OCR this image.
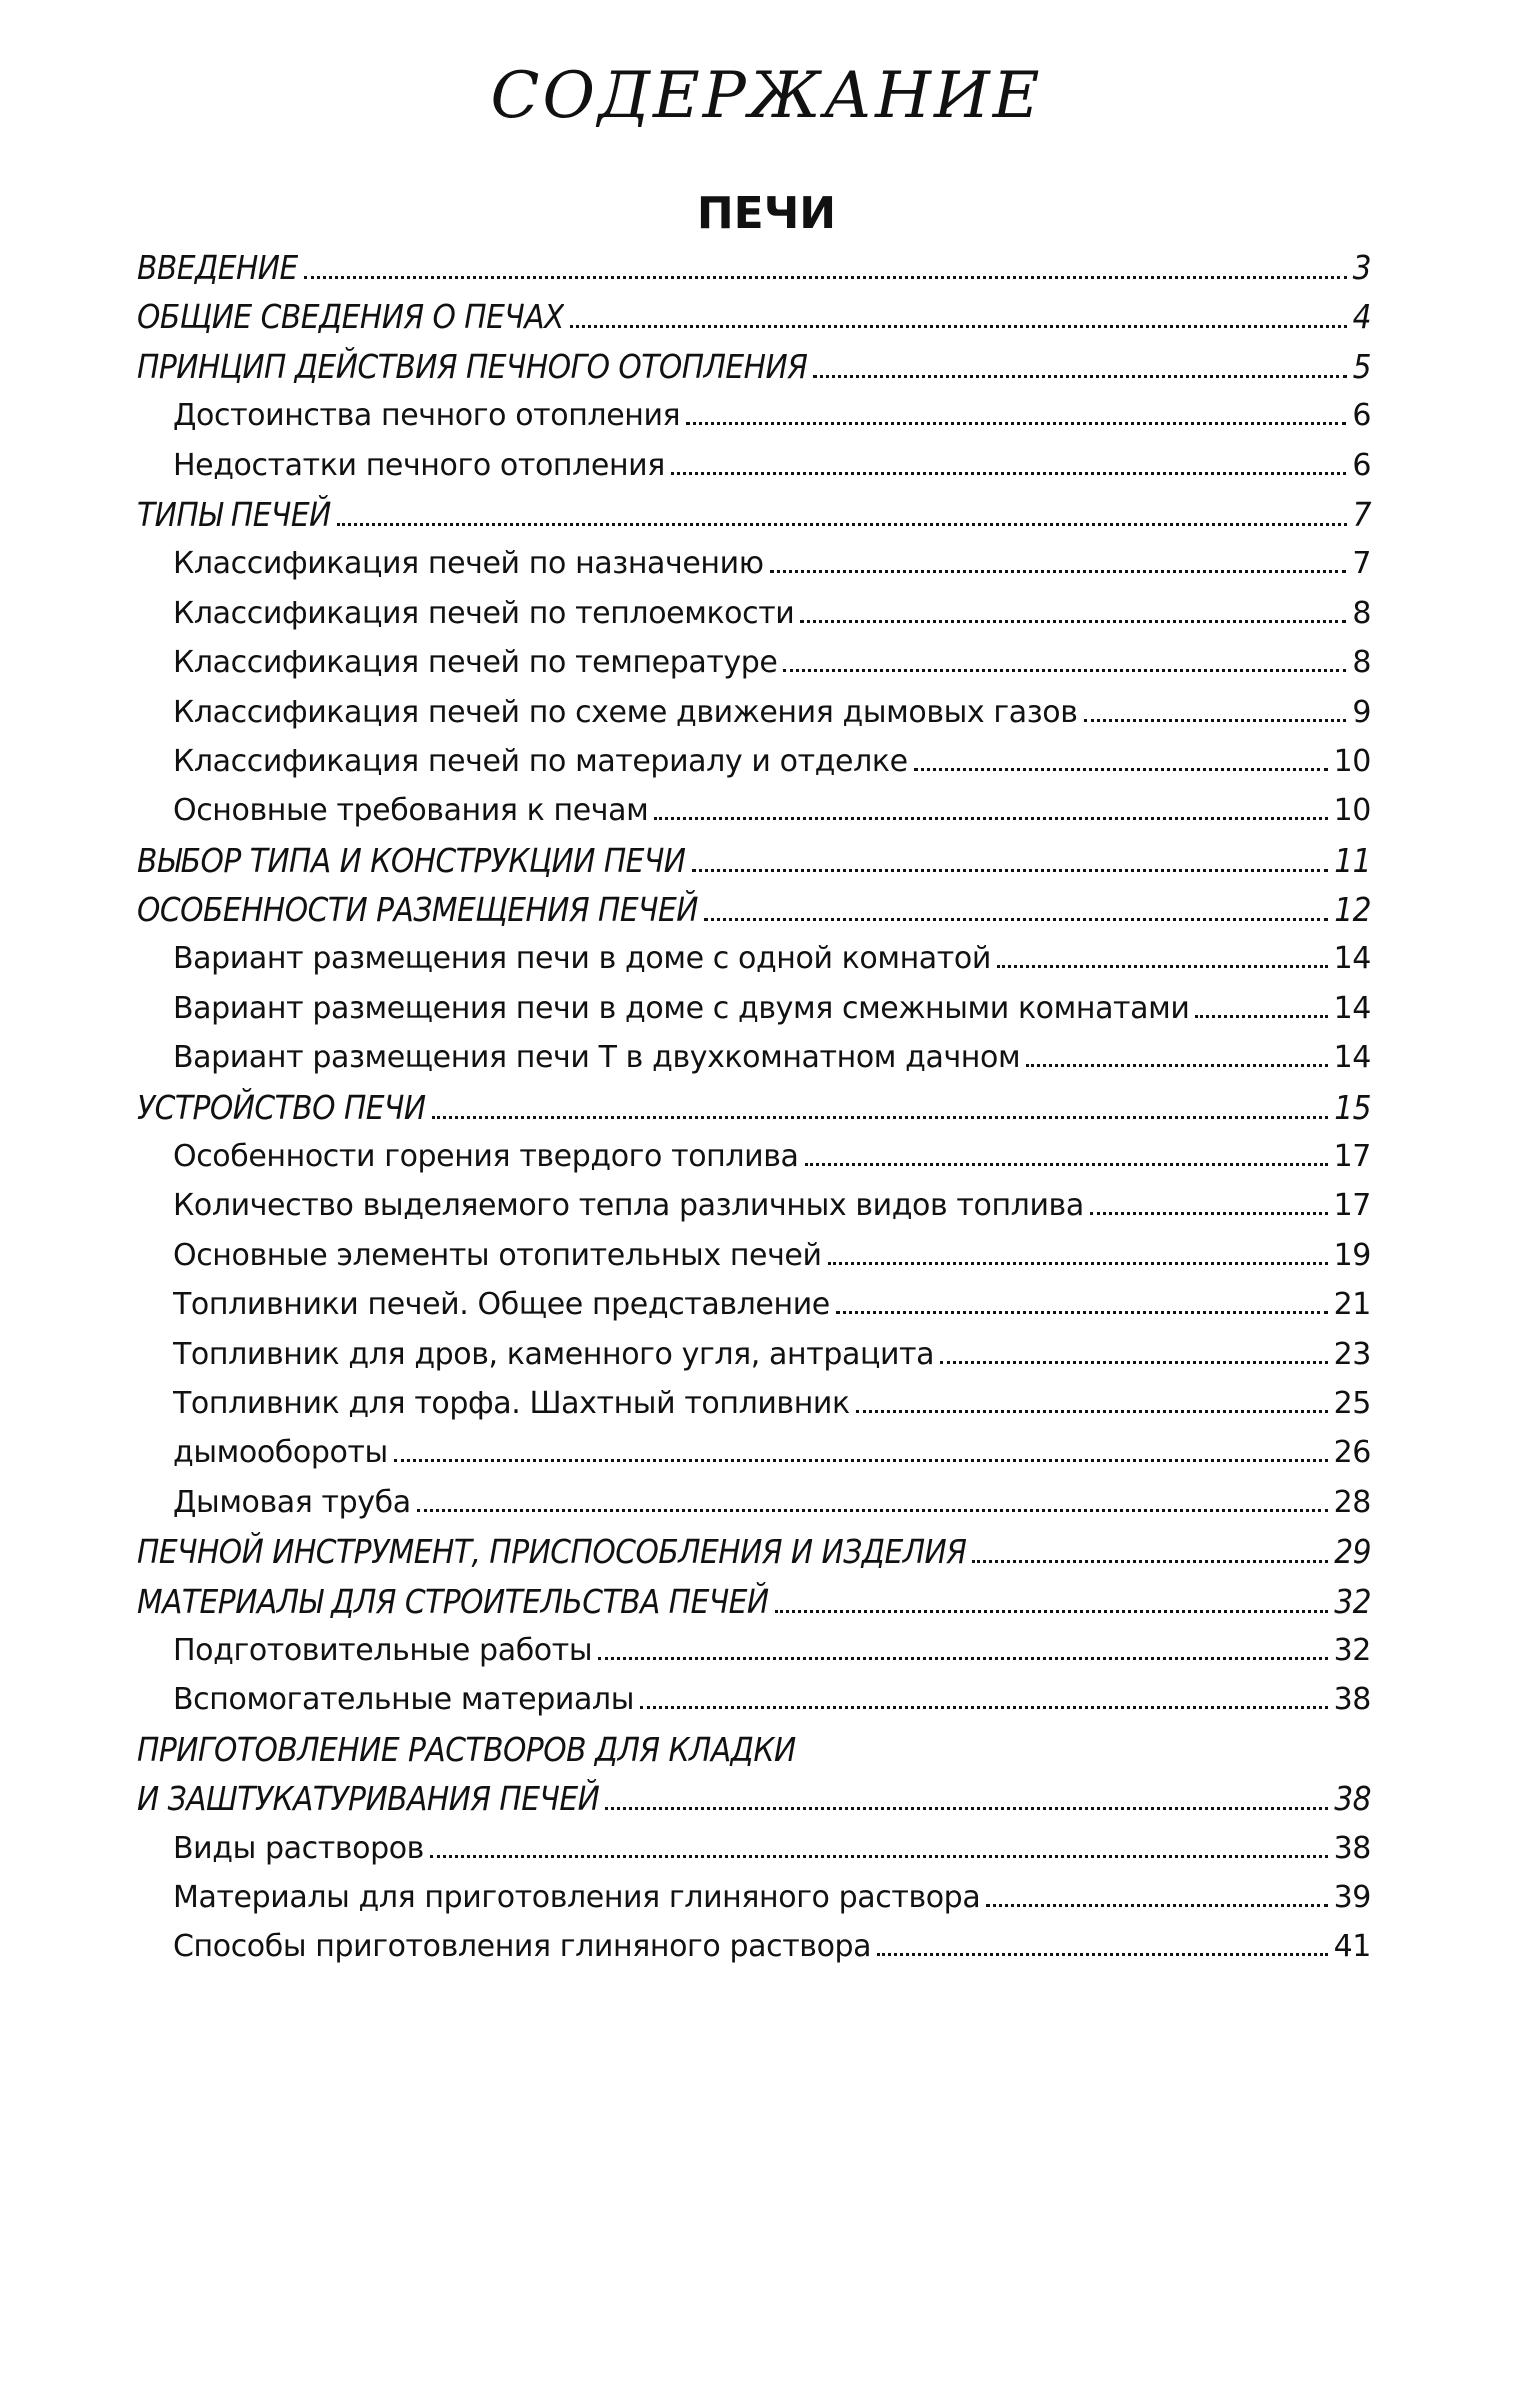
СОДЕРЖАНИЕ
ПЕЧИ
ВВЕДЕНИЕ	3
ОБЩИЕ СВЕДЕНИЯ О ПЕЧАХ	4
ПРИНЦИП ДЕЙСТВИЯ ПЕЧНОГО ОТОПЛЕНИЯ	5
Достоинства печного отопления	6
Недостатки печного отопления	6
ТИПЫ ПЕЧЕЙ	7
Классификация печей по назначению	7
Классификация печей по теплоемкости	8
Классификация печей по температуре	8
Классификация печей по схеме движения дымовых газов	9
Классификация печей по материалу и отделке	10
Основные требования к печам	10
ВЫБОР ТИПА И КОНСТРУКЦИИ ПЕЧИ	11
ОСОБЕННОСТИ РАЗМЕЩЕНИЯ ПЕЧЕЙ	12
Вариант размещения печи в доме с одной комнатой	14
Вариант размещения печи в доме с двумя смежными комнатами	14
Вариант размещения печи Т в двухкомнатном дачном	14
УСТРОЙСТВО ПЕЧИ	15
Особенности горения твердого топлива	17
Количество выделяемого тепла различных видов топлива	17
Основные элементы отопительных печей	19
Топливники печей. Общее представление	21
Топливник для дров, каменного угля, антрацита	23
Топливник для торфа. Шахтный топливник	25
дымообороты	26
Дымовая труба	28
ПЕЧНОЙ ИНСТРУМЕНТ, ПРИСПОСОБЛЕНИЯ И ИЗДЕЛИЯ	29
МАТЕРИАЛЫ ДЛЯ СТРОИТЕЛЬСТВА ПЕЧЕЙ	32
Подготовительные работы	32
Вспомогательные материалы	38
ПРИГОТОВЛЕНИЕ РАСТВОРОВ ДЛЯ КЛАДКИ
И ЗАШТУКАТУРИВАНИЯ ПЕЧЕЙ	38
Виды растворов	38
Материалы для приготовления глиняного раствора	39
Способы приготовления глиняного раствора	41
